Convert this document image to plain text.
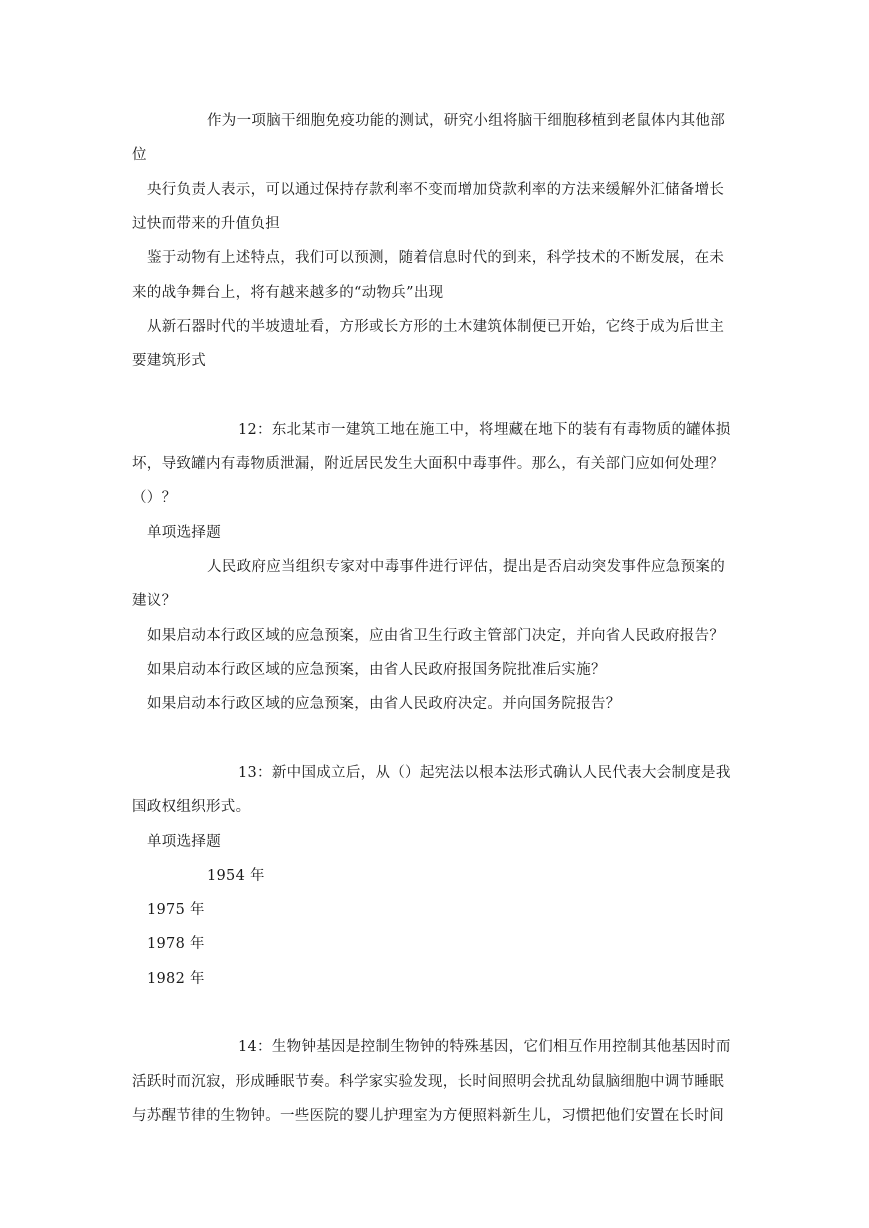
作为一项脑干细胞免疫功能的测试，研究小组将脑干细胞移植到老鼠体内其他部
位
央行负责人表示，可以通过保持存款利率不变而增加贷款利率的方法来缓解外汇储备增长
过快而带来的升值负担
鉴于动物有上述特点，我们可以预测，随着信息时代的到来，科学技术的不断发展，在未
来的战争舞台上，将有越来越多的“动物兵”出现
从新石器时代的半坡遗址看，方形或长方形的土木建筑体制便已开始，它终于成为后世主
要建筑形式
12：东北某市一建筑工地在施工中，将埋藏在地下的装有有毒物质的罐体损
坏，导致罐内有毒物质泄漏，附近居民发生大面积中毒事件。那么，有关部门应如何处理？
（）？
单项选择题
人民政府应当组织专家对中毒事件进行评估，提出是否启动突发事件应急预案的
建议？
如果启动本行政区域的应急预案，应由省卫生行政主管部门决定，并向省人民政府报告？
如果启动本行政区域的应急预案，由省人民政府报国务院批准后实施？
如果启动本行政区域的应急预案，由省人民政府决定。并向国务院报告？
13：新中国成立后，从（）起宪法以根本法形式确认人民代表大会制度是我
国政权组织形式。
单项选择题
1954 年
1975 年
1978 年
1982 年
14：生物钟基因是控制生物钟的特殊基因，它们相互作用控制其他基因时而
活跃时而沉寂，形成睡眠节奏。科学家实验发现，长时间照明会扰乱幼鼠脑细胞中调节睡眠
与苏醒节律的生物钟。一些医院的婴儿护理室为方便照料新生儿，习惯把他们安置在长时间
